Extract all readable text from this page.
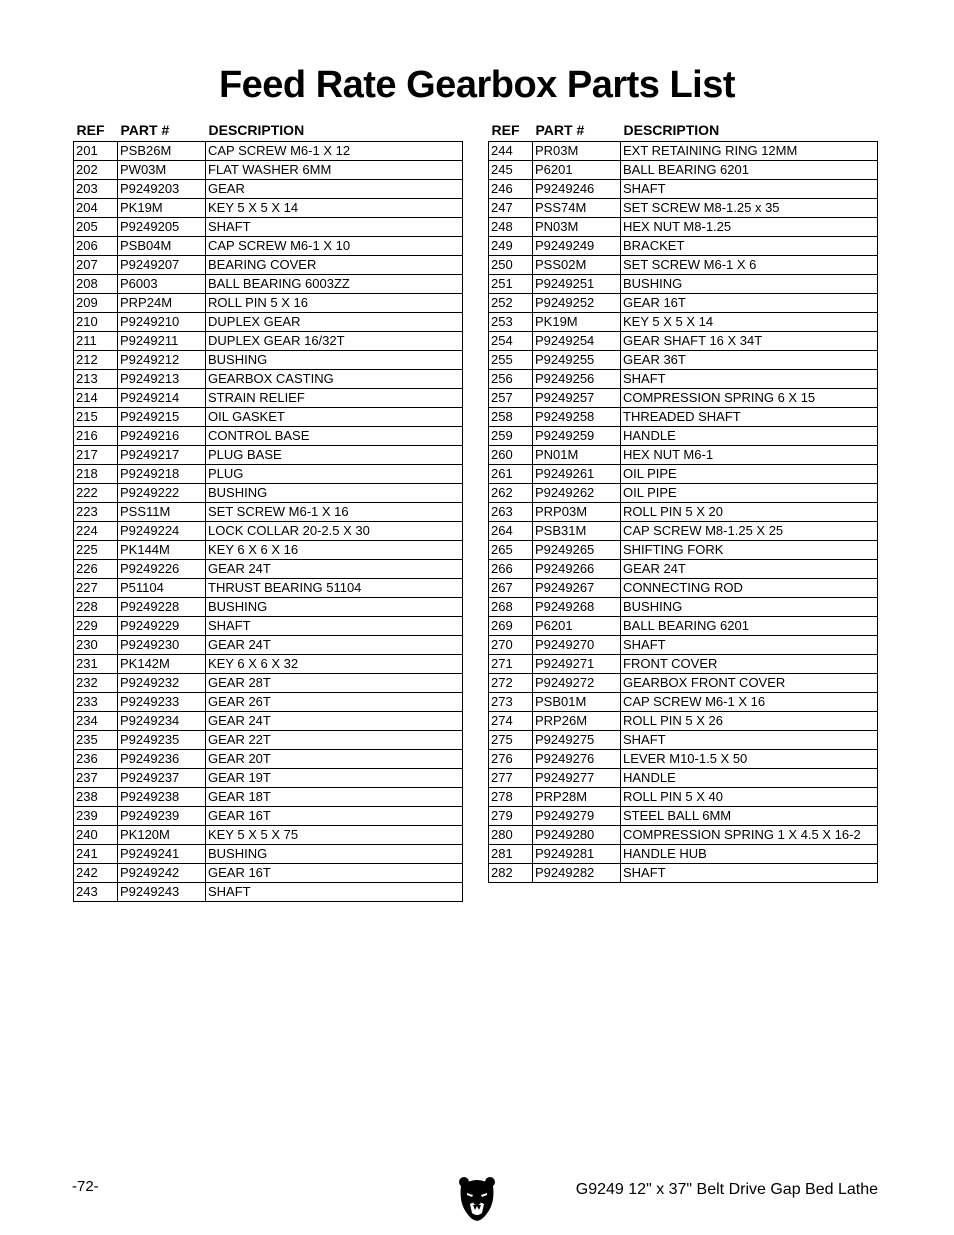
Feed Rate Gearbox Parts List
REF	PART #	DESCRIPTION
201	PSB26M	CAP SCREW M6-1 X 12
202	PW03M	FLAT WASHER 6MM
203	P9249203	GEAR
204	PK19M	KEY 5 X 5 X 14
205	P9249205	SHAFT
206	PSB04M	CAP SCREW M6-1 X 10
207	P9249207	BEARING COVER
208	P6003	BALL BEARING 6003ZZ
209	PRP24M	ROLL PIN 5 X 16
210	P9249210	DUPLEX GEAR
211	P9249211	DUPLEX GEAR 16/32T
212	P9249212	BUSHING
213	P9249213	GEARBOX CASTING
214	P9249214	STRAIN RELIEF
215	P9249215	OIL GASKET
216	P9249216	CONTROL BASE
217	P9249217	PLUG BASE
218	P9249218	PLUG
222	P9249222	BUSHING
223	PSS11M	SET SCREW M6-1 X 16
224	P9249224	LOCK COLLAR 20-2.5 X 30
225	PK144M	KEY 6 X 6 X 16
226	P9249226	GEAR 24T
227	P51104	THRUST BEARING 51104
228	P9249228	BUSHING
229	P9249229	SHAFT
230	P9249230	GEAR 24T
231	PK142M	KEY 6 X 6 X 32
232	P9249232	GEAR 28T
233	P9249233	GEAR 26T
234	P9249234	GEAR 24T
235	P9249235	GEAR 22T
236	P9249236	GEAR 20T
237	P9249237	GEAR 19T
238	P9249238	GEAR 18T
239	P9249239	GEAR 16T
240	PK120M	KEY 5 X 5 X 75
241	P9249241	BUSHING
242	P9249242	GEAR 16T
243	P9249243	SHAFT
REF	PART #	DESCRIPTION
244	PR03M	EXT RETAINING RING 12MM
245	P6201	BALL BEARING 6201
246	P9249246	SHAFT
247	PSS74M	SET SCREW M8-1.25 x 35
248	PN03M	HEX NUT M8-1.25
249	P9249249	BRACKET
250	PSS02M	SET SCREW M6-1 X 6
251	P9249251	BUSHING
252	P9249252	GEAR 16T
253	PK19M	KEY 5 X 5 X 14
254	P9249254	GEAR SHAFT 16 X 34T
255	P9249255	GEAR 36T
256	P9249256	SHAFT
257	P9249257	COMPRESSION SPRING 6 X 15
258	P9249258	THREADED SHAFT
259	P9249259	HANDLE
260	PN01M	HEX NUT M6-1
261	P9249261	OIL PIPE
262	P9249262	OIL PIPE
263	PRP03M	ROLL PIN 5 X 20
264	PSB31M	CAP SCREW M8-1.25 X 25
265	P9249265	SHIFTING FORK
266	P9249266	GEAR 24T
267	P9249267	CONNECTING ROD
268	P9249268	BUSHING
269	P6201	BALL BEARING 6201
270	P9249270	SHAFT
271	P9249271	FRONT COVER
272	P9249272	GEARBOX FRONT COVER
273	PSB01M	CAP SCREW M6-1 X 16
274	PRP26M	ROLL PIN 5 X 26
275	P9249275	SHAFT
276	P9249276	LEVER M10-1.5 X 50
277	P9249277	HANDLE
278	PRP28M	ROLL PIN 5 X 40
279	P9249279	STEEL BALL 6MM
280	P9249280	COMPRESSION SPRING 1 X 4.5 X 16-2
281	P9249281	HANDLE HUB
282	P9249282	SHAFT
-72-	G9249 12" x 37" Belt Drive Gap Bed Lathe
